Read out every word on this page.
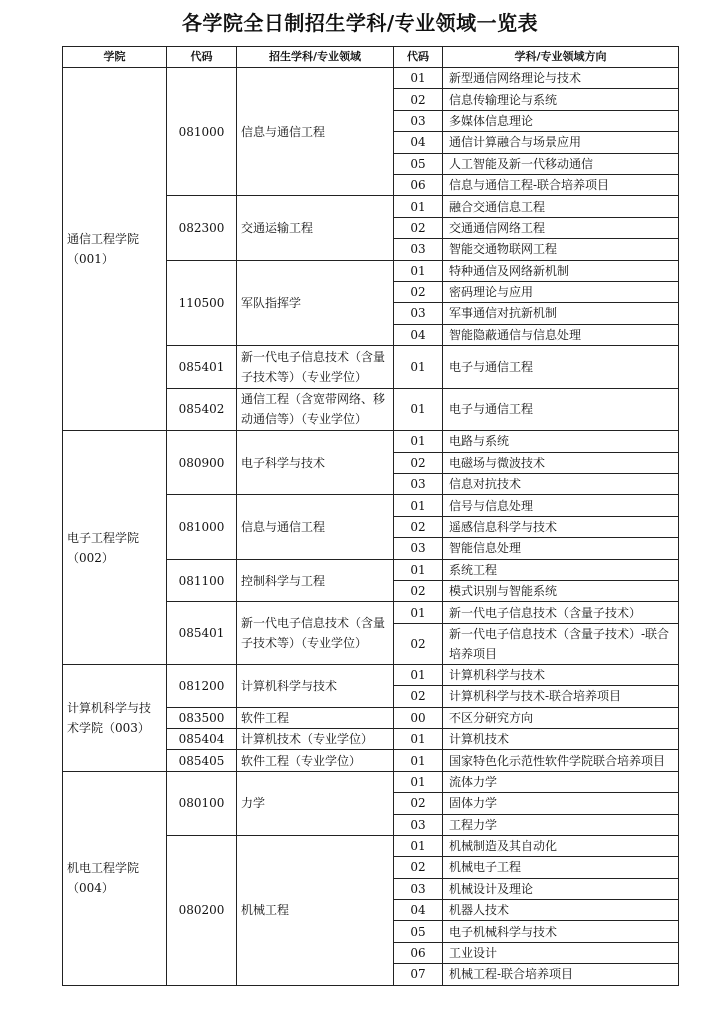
各学院全日制招生学科/专业领域一览表
学院	代码	招生学科/专业领域	代码	学科/专业领域方向
通信工程学院（001）	081000	信息与通信工程	01	新型通信网络理论与技术
			02	信息传输理论与系统
			03	多媒体信息理论
			04	通信计算融合与场景应用
			05	人工智能及新一代移动通信
			06	信息与通信工程-联合培养项目
	082300	交通运输工程	01	融合交通信息工程
			02	交通通信网络工程
			03	智能交通物联网工程
	110500	军队指挥学	01	特种通信及网络新机制
			02	密码理论与应用
			03	军事通信对抗新机制
			04	智能隐蔽通信与信息处理
	085401	新一代电子信息技术（含量子技术等）（专业学位）	01	电子与通信工程
	085402	通信工程（含宽带网络、移动通信等）（专业学位）	01	电子与通信工程
电子工程学院（002）	080900	电子科学与技术	01	电路与系统
			02	电磁场与微波技术
			03	信息对抗技术
	081000	信息与通信工程	01	信号与信息处理
			02	遥感信息科学与技术
			03	智能信息处理
	081100	控制科学与工程	01	系统工程
			02	模式识别与智能系统
	085401	新一代电子信息技术（含量子技术等）（专业学位）	01	新一代电子信息技术（含量子技术）
			02	新一代电子信息技术（含量子技术）-联合培养项目
计算机科学与技术学院（003）	081200	计算机科学与技术	01	计算机科学与技术
			02	计算机科学与技术-联合培养项目
	083500	软件工程	00	不区分研究方向
	085404	计算机技术（专业学位）	01	计算机技术
	085405	软件工程（专业学位）	01	国家特色化示范性软件学院联合培养项目
机电工程学院（004）	080100	力学	01	流体力学
			02	固体力学
			03	工程力学
	080200	机械工程	01	机械制造及其自动化
			02	机械电子工程
			03	机械设计及理论
			04	机器人技术
			05	电子机械科学与技术
			06	工业设计
			07	机械工程-联合培养项目
